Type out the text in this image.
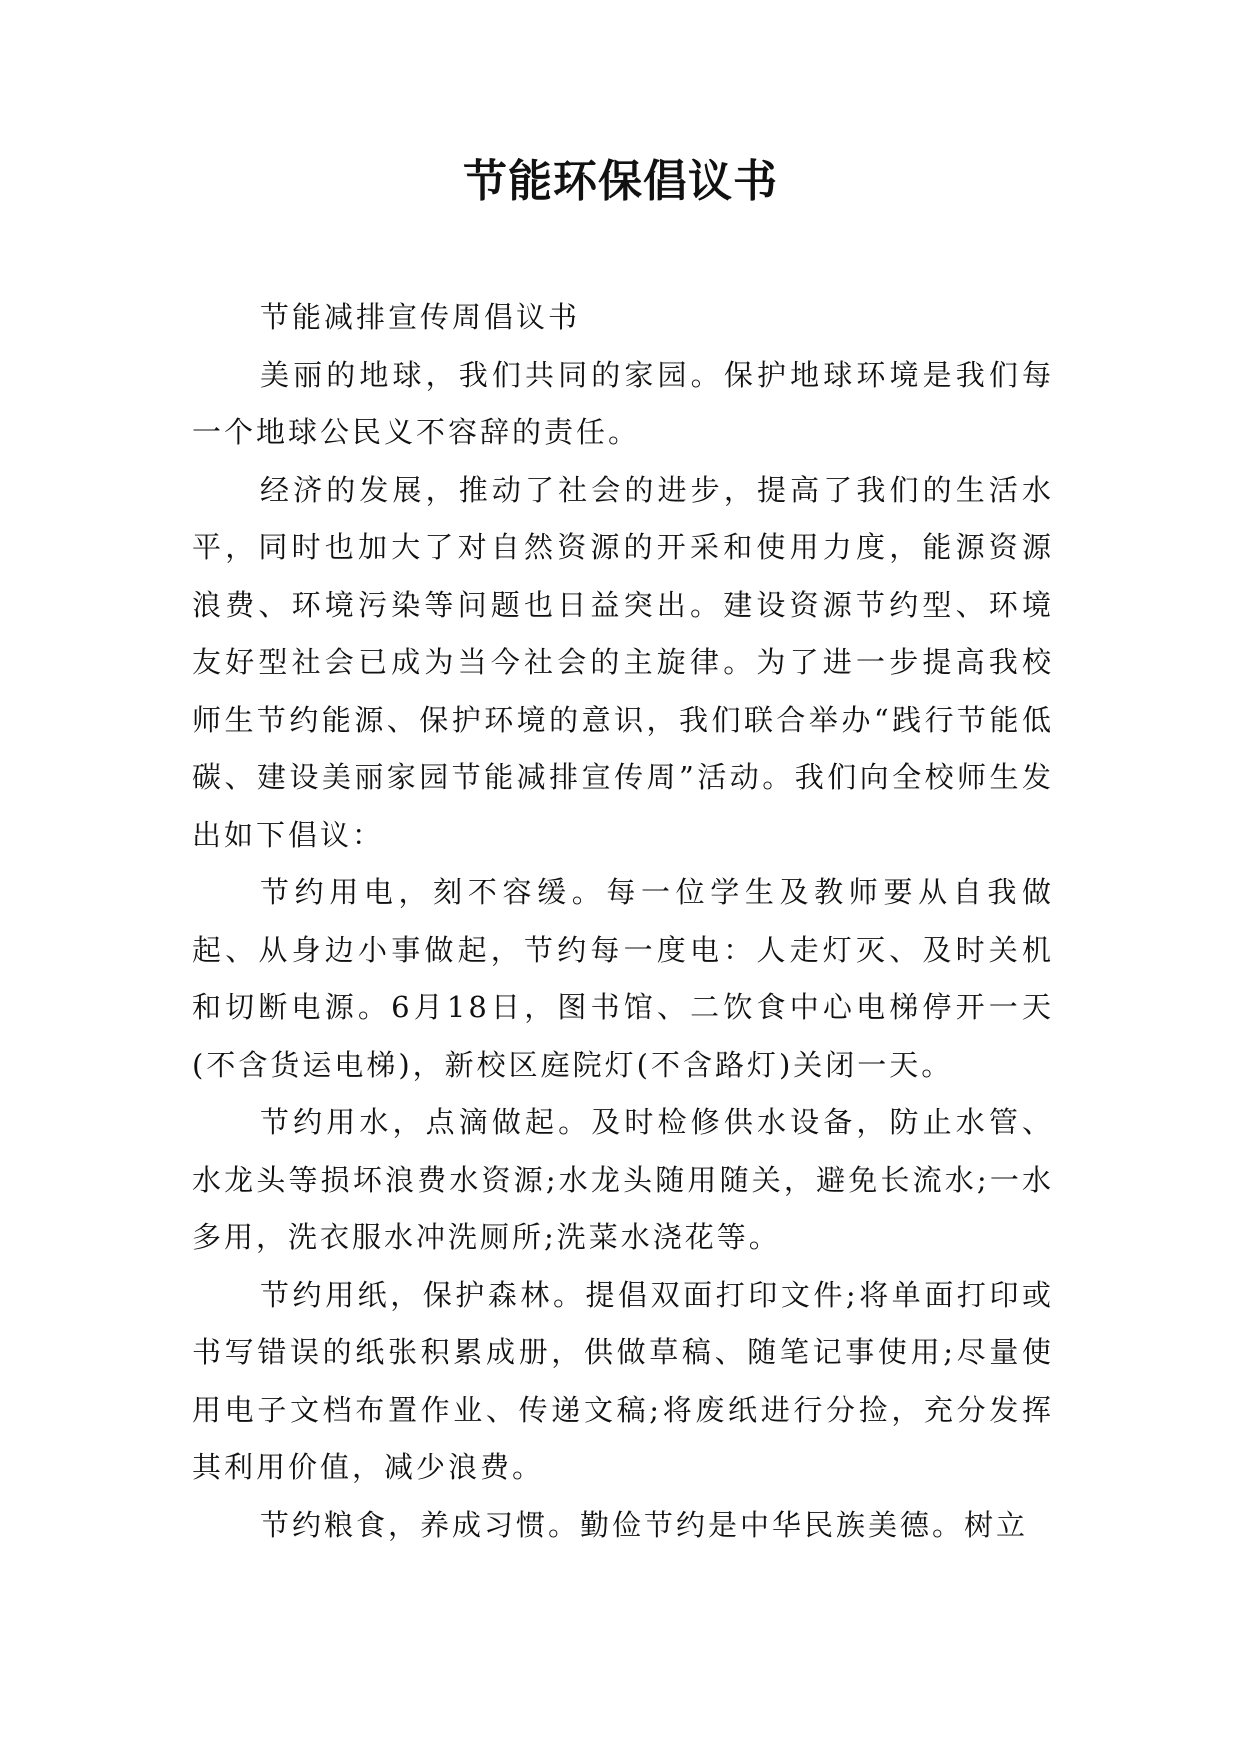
节能环保倡议书

节能减排宣传周倡议书

美丽的地球，我们共同的家园。保护地球环境是我们每一个地球公民义不容辞的责任。

经济的发展，推动了社会的进步，提高了我们的生活水平，同时也加大了对自然资源的开采和使用力度，能源资源浪费、环境污染等问题也日益突出。建设资源节约型、环境友好型社会已成为当今社会的主旋律。为了进一步提高我校师生节约能源、保护环境的意识，我们联合举办“践行节能低碳、建设美丽家园节能减排宣传周”活动。我们向全校师生发出如下倡议：

节约用电，刻不容缓。每一位学生及教师要从自我做起、从身边小事做起，节约每一度电：人走灯灭、及时关机和切断电源。6月18日，图书馆、二饮食中心电梯停开一天(不含货运电梯)，新校区庭院灯(不含路灯)关闭一天。

节约用水，点滴做起。及时检修供水设备，防止水管、水龙头等损坏浪费水资源;水龙头随用随关，避免长流水;一水多用，洗衣服水冲洗厕所;洗菜水浇花等。

节约用纸，保护森林。提倡双面打印文件;将单面打印或书写错误的纸张积累成册，供做草稿、随笔记事使用;尽量使用电子文档布置作业、传递文稿;将废纸进行分捡，充分发挥其利用价值，减少浪费。

节约粮食，养成习惯。勤俭节约是中华民族美德。树立
